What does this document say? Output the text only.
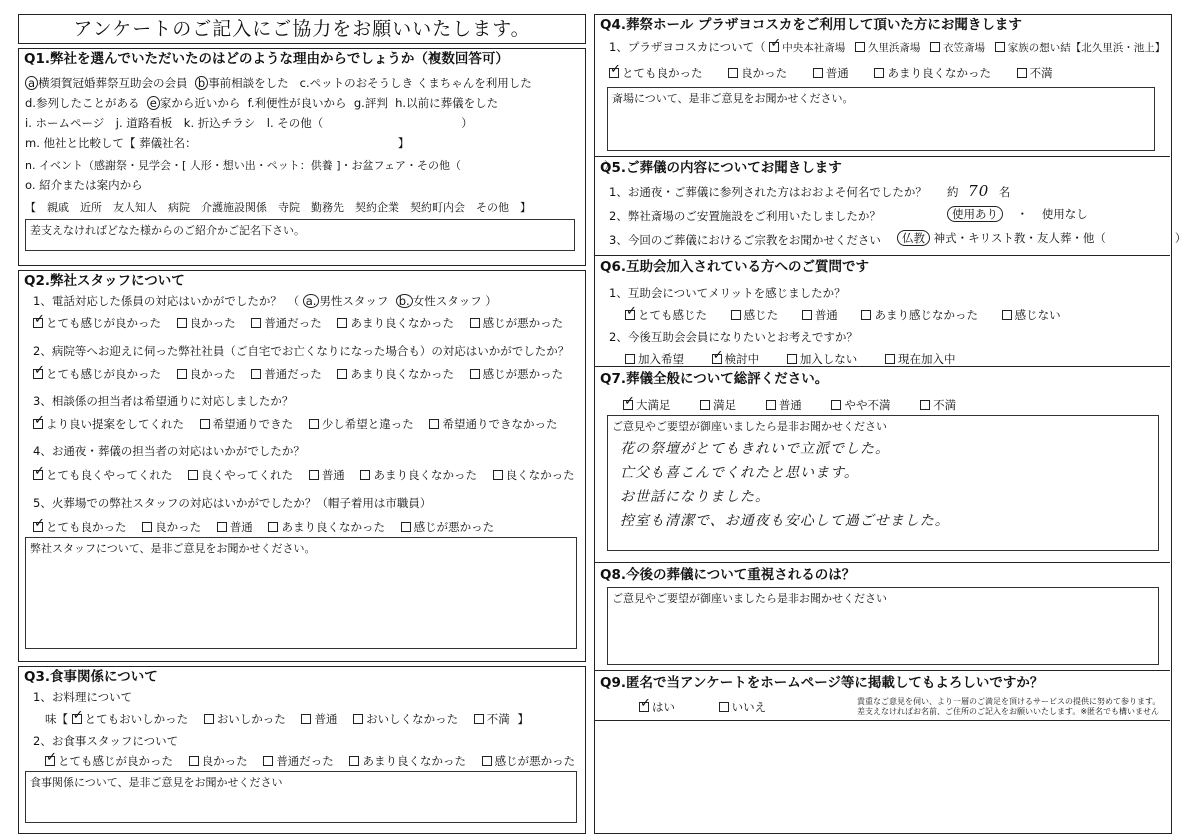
アンケートのご記入にご協力をお願いいたします。
Q1.弊社を選んでいただいたのはどのような理由からでしょうか（複数回答可）
a 横須賀冠婚葬祭互助会の会員 b 事前相談をした c.ペットのおそうしき くまちゃんを利用した
d.参列したことがある e 家から近いから f.利便性が良いから g.評判 h.以前に葬儀をした
i. ホームページ　j. 道路看板　k. 折込チラシ　l. その他（　　　　　　　　　　　　）
m. 他社と比較して【 葬儀社名：　　　　　　　　　　　　　　　　　　】
n. イベント（感謝祭・見学会・[ 人形・想い出・ペット：供養 ]・お盆フェア・その他（　　　　　　　　　　　　　）
o. 紹介または案内から
【　親戚　近所　友人知人　病院　介護施設関係　寺院　勤務先　契約企業　契約町内会　その他　】
差支えなければどなた様からのご紹介かご記名下さい。
Q2.弊社スタッフについて
1、電話対応した係員の対応はいかがでしたか？　（ a. 男性スタッフ b. 女性スタッフ ）
✓とても感じが良かった 良かった 普通だった あまり良くなかった 感じが悪かった
2、病院等へお迎えに伺った弊社社員（ご自宅でお亡くなりになった場合も）の対応はいかがでしたか？
✓とても感じが良かった 良かった 普通だった あまり良くなかった 感じが悪かった
3、相談係の担当者は希望通りに対応しましたか？
✓より良い提案をしてくれた 希望通りできた 少し希望と違った 希望通りできなかった
4、お通夜・葬儀の担当者の対応はいかがでしたか？
✓とても良くやってくれた 良くやってくれた 普通 あまり良くなかった 良くなかった
5、火葬場での弊社スタッフの対応はいかがでしたか？（帽子着用は市職員）
✓とても良かった 良かった 普通 あまり良くなかった 感じが悪かった
弊社スタッフについて、是非ご意見をお聞かせください。
Q3.食事関係について
1、お料理について
味【 ✓ とてもおいしかった おいしかった 普通 おいしくなかった 不満 】
2、お食事スタッフについて
✓とても感じが良かった 良かった 普通だった あまり良くなかった 感じが悪かった
食事関係について、是非ご意見をお聞かせください
Q4.葬祭ホール プラザヨコスカをご利用して頂いた方にお聞きします
1、プラザヨコスカについて（ ✓ 中央本社斎場 久里浜斎場 衣笠斎場 家族の想い結【北久里浜・池上】
✓とても良かった	良かった	普通	あまり良くなかった	不満
斎場について、是非ご意見をお聞かせください。
Q5.ご葬儀の内容についてお聞きします
1、お通夜・ご葬儀に参列された方はおおよそ何名でしたか？ 約 70 名
2、弊社斎場のご安置施設をご利用いたしましたか？	使用あり ・ 使用なし
3、今回のご葬儀におけるご宗教をお聞かせください	仏教 神式・キリスト教・友人葬・他（　　　　　　）
Q6.互助会加入されている方へのご質問です
1、互助会についてメリットを感じましたか？
✓とても感じた	感じた	普通	あまり感じなかった	感じない
2、今後互助会会員になりたいとお考えですか？
加入希望 ✓	検討中	加入しない	現在加入中
Q7.葬儀全般について総評ください。
✓大満足	満足	普通	やや不満	不満
ご意見やご要望が御座いましたら是非お聞かせください
花の祭壇がとてもきれいで立派でした。
亡父も喜こんでくれたと思います。
お世話になりました。
控室も清潔で、お通夜も安心して過ごせました。
Q8.今後の葬儀について重視されるのは？
ご意見やご要望が御座いましたら是非お聞かせください
Q9.匿名で当アンケートをホームページ等に掲載してもよろしいですか？
✓はい	いいえ	貴重なご意見を伺い、より一層のご満足を頂けるサービスの提供に努めて参ります。
差支えなければお名前、ご住所のご記入をお願いいたします。※匿名でも構いません
